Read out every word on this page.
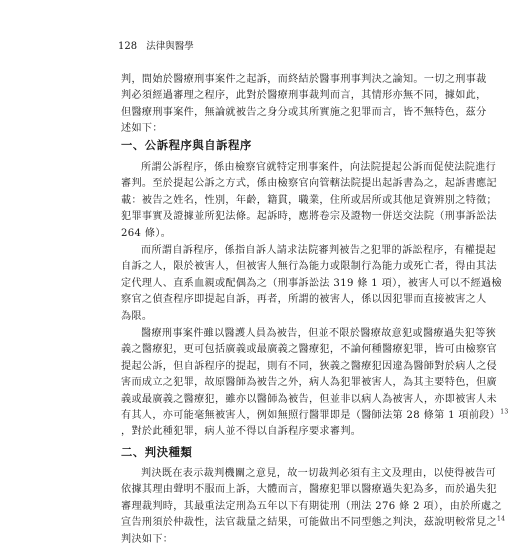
128 法律與醫學
判，間始於醫療刑事案件之起訴，而終結於醫事刑事判決之論知。一切之刑事裁
判必須經過審理之程序，此對於醫療刑事裁判而言，其情形亦無不同，據如此，
但醫療刑事案件，無論就被告之身分或其所實施之犯罪而言，皆不無特色，茲分
述如下：
一、公訴程序與自訴程序
所謂公訴程序，係由檢察官就特定刑事案件，向法院提起公訴而促使法院進行
審判。至於提起公訴之方式，係由檢察官向管轄法院提出起訴書為之，起訴書應記
載：被告之姓名，性別，年齡，籍貫，職業，住所或居所或其他足資辨別之特徵；
犯罪事實及證據並所犯法條。起訴時，應將卷宗及證物一併送交法院（刑事訴訟法
264 條）。
而所謂自訴程序，係指自訴人請求法院審判被告之犯罪的訴訟程序，有權提起
自訴之人，限於被害人，但被害人無行為能力或限制行為能力或死亡者，得由其法
定代理人、直系血親或配偶為之（刑事訴訟法 319 條 1 項），被害人可以不經過檢
察官之偵查程序即提起自訴，再者，所謂的被害人，係以因犯罪而直接被害之人
為限。
醫療刑事案件雖以醫護人員為被告，但並不限於醫療故意犯或醫療過失犯等狹
義之醫療犯，更可包括廣義或最廣義之醫療犯，不論何種醫療犯罪，皆可由檢察官
提起公訴，但自訴程序的提起，則有不同，狹義之醫療犯因違為醫師對於病人之侵
害而成立之犯罪，故原醫師為被告之外，病人為犯罪被害人，為其主要特色，但廣
義或最廣義之醫療犯，雖亦以醫師為被告，但並非以病人為被害人，亦即被害人未
有其人，亦可能毫無被害人，例如無照行醫罪即是（醫師法第 28 條第 1 項前段）$^{13}$
，對於此種犯罪，病人並不得以自訴程序要求審判。
二、判決種類
判決既在表示裁判機關之意見，故一切裁判必須有主文及理由，以使得被告可
依據其理由聲明不服而上訴，大體而言，醫療犯罪以醫療過失犯為多，而於過失犯
審理裁判時，其最重法定刑為五年以下有期徒刑（刑法 276 條 2 項），由於所處之
宣告刑須於仲裁性，法官裁量之結果，可能做出不同型態之判決，茲說明較常見之$^{14}$
判決如下：
